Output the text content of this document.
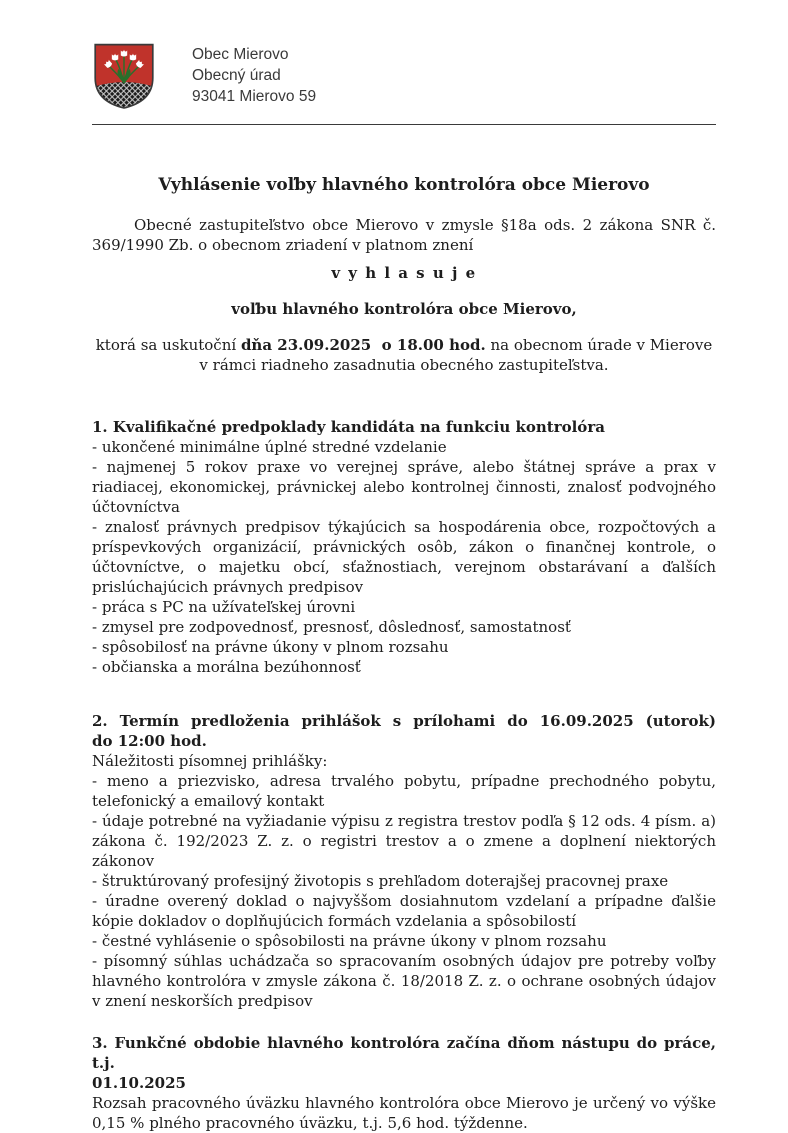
Obec Mierovo
Obecný úrad
93041 Mierovo 59
Vyhlásenie voľby hlavného kontrolóra obce Mierovo
Obecné zastupiteľstvo obce Mierovo v zmysle §18a ods. 2 zákona SNR č.
369/1990 Zb. o obecnom zriadení v platnom znení
v y h l a s u j e
voľbu hlavného kontrolóra obce Mierovo,
ktorá sa uskutoční dňa 23.09.2025  o 18.00 hod. na obecnom úrade v Mierove
v rámci riadneho zasadnutia obecného zastupiteľstva.
1. Kvalifikačné predpoklady kandidáta na funkciu kontrolóra

- ukončené minimálne úplné stredné vzdelanie

- najmenej 5 rokov praxe vo verejnej správe, alebo štátnej správe a prax v riadiacej, ekonomickej, právnickej alebo kontrolnej činnosti, znalosť podvojného účtovníctva

- znalosť právnych predpisov týkajúcich sa hospodárenia obce, rozpočtových a príspevkových organizácií, právnických osôb, zákon o finančnej kontrole, o účtovníctve, o majetku obcí, sťažnostiach, verejnom obstarávaní a ďalších prislúchajúcich právnych predpisov

- práca s PC na užívateľskej úrovni

- zmysel pre zodpovednosť, presnosť, dôslednosť, samostatnosť

- spôsobilosť na právne úkony v plnom rozsahu

- občianska a morálna bezúhonnosť

2. Termín predloženia prihlášok s prílohami do 16.09.2025 (utorok)
do 12:00 hod.
Náležitosti písomnej prihlášky:

- meno a priezvisko, adresa trvalého pobytu, prípadne prechodného pobytu, telefonický a emailový kontakt

- údaje potrebné na vyžiadanie výpisu z registra trestov podľa § 12 ods. 4 písm. a) zákona č. 192/2023 Z. z. o registri trestov a o zmene a doplnení niektorých zákonov

- štruktúrovaný profesijný životopis s prehľadom doterajšej pracovnej praxe

- úradne overený doklad o najvyššom dosiahnutom vzdelaní a prípadne ďalšie kópie dokladov o doplňujúcich formách vzdelania a spôsobilostí

- čestné vyhlásenie o spôsobilosti na právne úkony v plnom rozsahu

- písomný súhlas uchádzača so spracovaním osobných údajov pre potreby voľby hlavného kontrolóra v zmysle zákona č. 18/2018 Z. z. o ochrane osobných údajov v znení neskorších predpisov

3. Funkčné obdobie hlavného kontrolóra začína dňom nástupu do práce, t.j.
01.10.2025

Rozsah pracovného úväzku hlavného kontrolóra obce Mierovo je určený vo výške 0,15 % plného pracovného úväzku, t.j. 5,6 hod. týždenne.
